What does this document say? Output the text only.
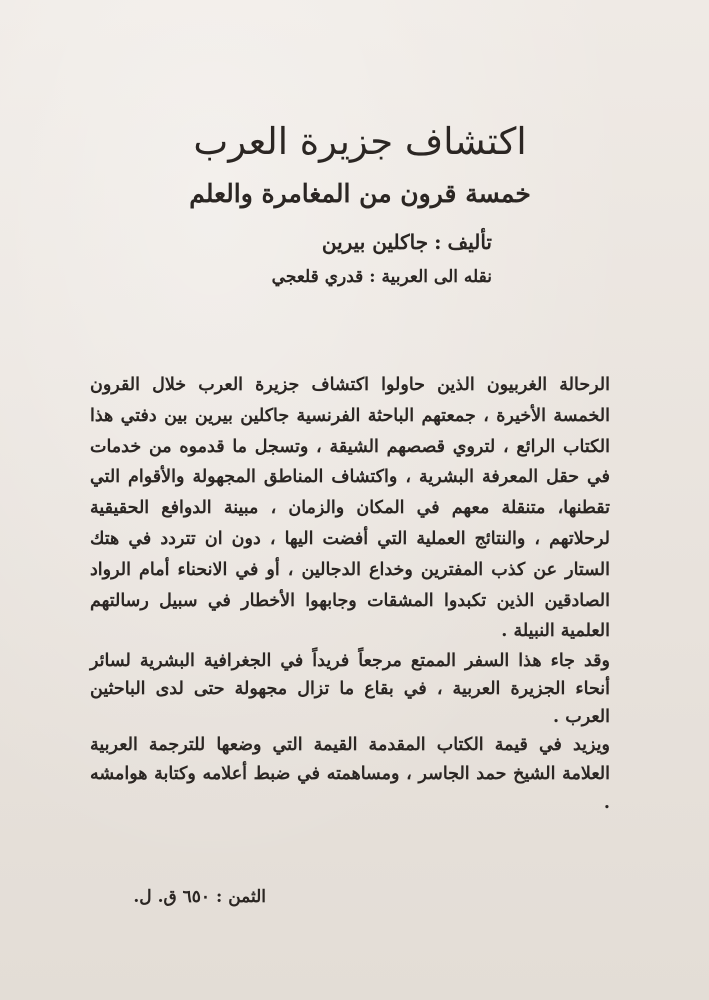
اكتشاف جزيرة العرب
خمسة قرون من المغامرة والعلم
تأليف:جاكلين بيرين
نقله الى العربية:قدري قلعجي

الرحالة الغربيون الذين حاولوا اكتشاف جزيرة العرب خلال القرون الخمسة الأخيرة ، جمعتهم الباحثة الفرنسية جاكلين بيرين بين دفتي هذا الكتاب الرائع ، لتروي قصصهم الشيقة ، وتسجل ما قدموه من خدمات في حقل المعرفة البشرية ، واكتشاف المناطق المجهولة والأقوام التي تقطنها، متنقلة معهم في المكان والزمان ، مبينة الدوافع الحقيقية لرحلاتهم ، والنتائج العملية التي أفضت اليها ، دون ان تتردد في هتك الستار عن كذب المفترين وخداع الدجالين ، أو في الانحناء أمام الرواد الصادقين الذين تكبدوا المشقات وجابهوا الأخطار في سبيل رسالتهم العلمية النبيلة .

وقد جاء هذا السفر الممتع مرجعاً فريداً في الجغرافية البشرية لسائر أنحاء الجزيرة العربية ، في بقاع ما تزال مجهولة حتى لدى الباحثين العرب .

ويزيد في قيمة الكتاب المقدمة القيمة التي وضعها للترجمة العربية العلامة الشيخ حمد الجاسر ، ومساهمته في ضبط أعلامه وكتابة هوامشه .

الثمن :٦٥٠ ق. ل.
